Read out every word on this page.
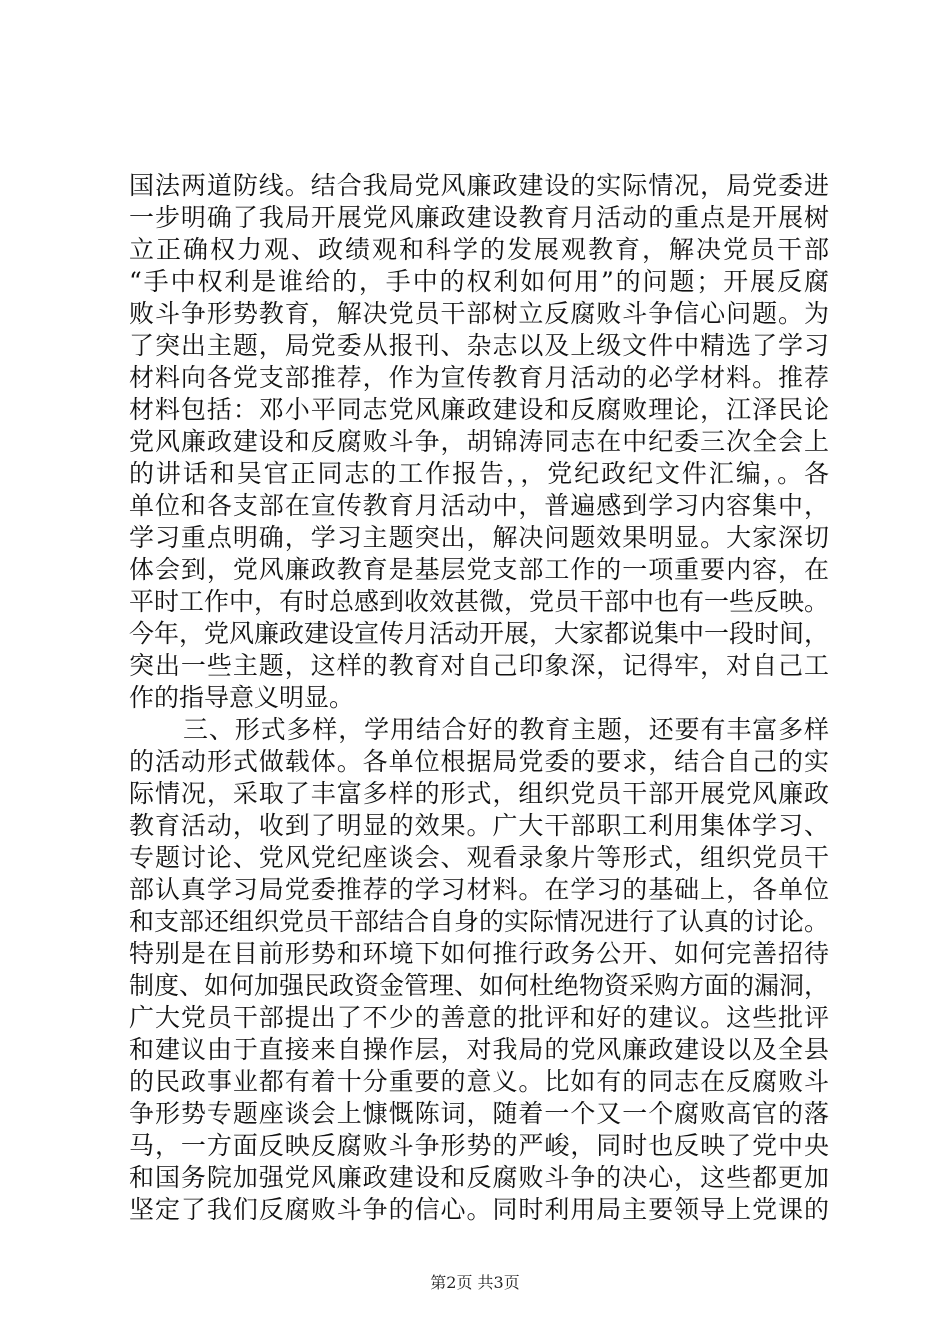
国法两道防线。结合我局党风廉政建设的实际情况，局党委进
一步明确了我局开展党风廉政建设教育月活动的重点是开展树
立正确权力观、政绩观和科学的发展观教育，解决党员干部
“手中权利是谁给的，手中的权利如何用”的问题；开展反腐
败斗争形势教育，解决党员干部树立反腐败斗争信心问题。为
了突出主题，局党委从报刊、杂志以及上级文件中精选了学习
材料向各党支部推荐，作为宣传教育月活动的必学材料。推荐
材料包括：邓小平同志党风廉政建设和反腐败理论，江泽民论
党风廉政建设和反腐败斗争，胡锦涛同志在中纪委三次全会上
的讲话和吴官正同志的工作报告，，党纪政纪文件汇编，。各
单位和各支部在宣传教育月活动中，普遍感到学习内容集中，
学习重点明确，学习主题突出，解决问题效果明显。大家深切
体会到，党风廉政教育是基层党支部工作的一项重要内容，在
平时工作中，有时总感到收效甚微，党员干部中也有一些反映。
今年，党风廉政建设宣传月活动开展，大家都说集中一段时间，
突出一些主题，这样的教育对自己印象深，记得牢，对自己工
作的指导意义明显。
三、形式多样，学用结合好的教育主题，还要有丰富多样
的活动形式做载体。各单位根据局党委的要求，结合自己的实
际情况，采取了丰富多样的形式，组织党员干部开展党风廉政
教育活动，收到了明显的效果。广大干部职工利用集体学习、
专题讨论、党风党纪座谈会、观看录象片等形式，组织党员干
部认真学习局党委推荐的学习材料。在学习的基础上，各单位
和支部还组织党员干部结合自身的实际情况进行了认真的讨论。
特别是在目前形势和环境下如何推行政务公开、如何完善招待
制度、如何加强民政资金管理、如何杜绝物资采购方面的漏洞，
广大党员干部提出了不少的善意的批评和好的建议。这些批评
和建议由于直接来自操作层，对我局的党风廉政建设以及全县
的民政事业都有着十分重要的意义。比如有的同志在反腐败斗
争形势专题座谈会上慷慨陈词，随着一个又一个腐败高官的落
马，一方面反映反腐败斗争形势的严峻，同时也反映了党中央
和国务院加强党风廉政建设和反腐败斗争的决心，这些都更加
坚定了我们反腐败斗争的信心。同时利用局主要领导上党课的
第2页 共3页
